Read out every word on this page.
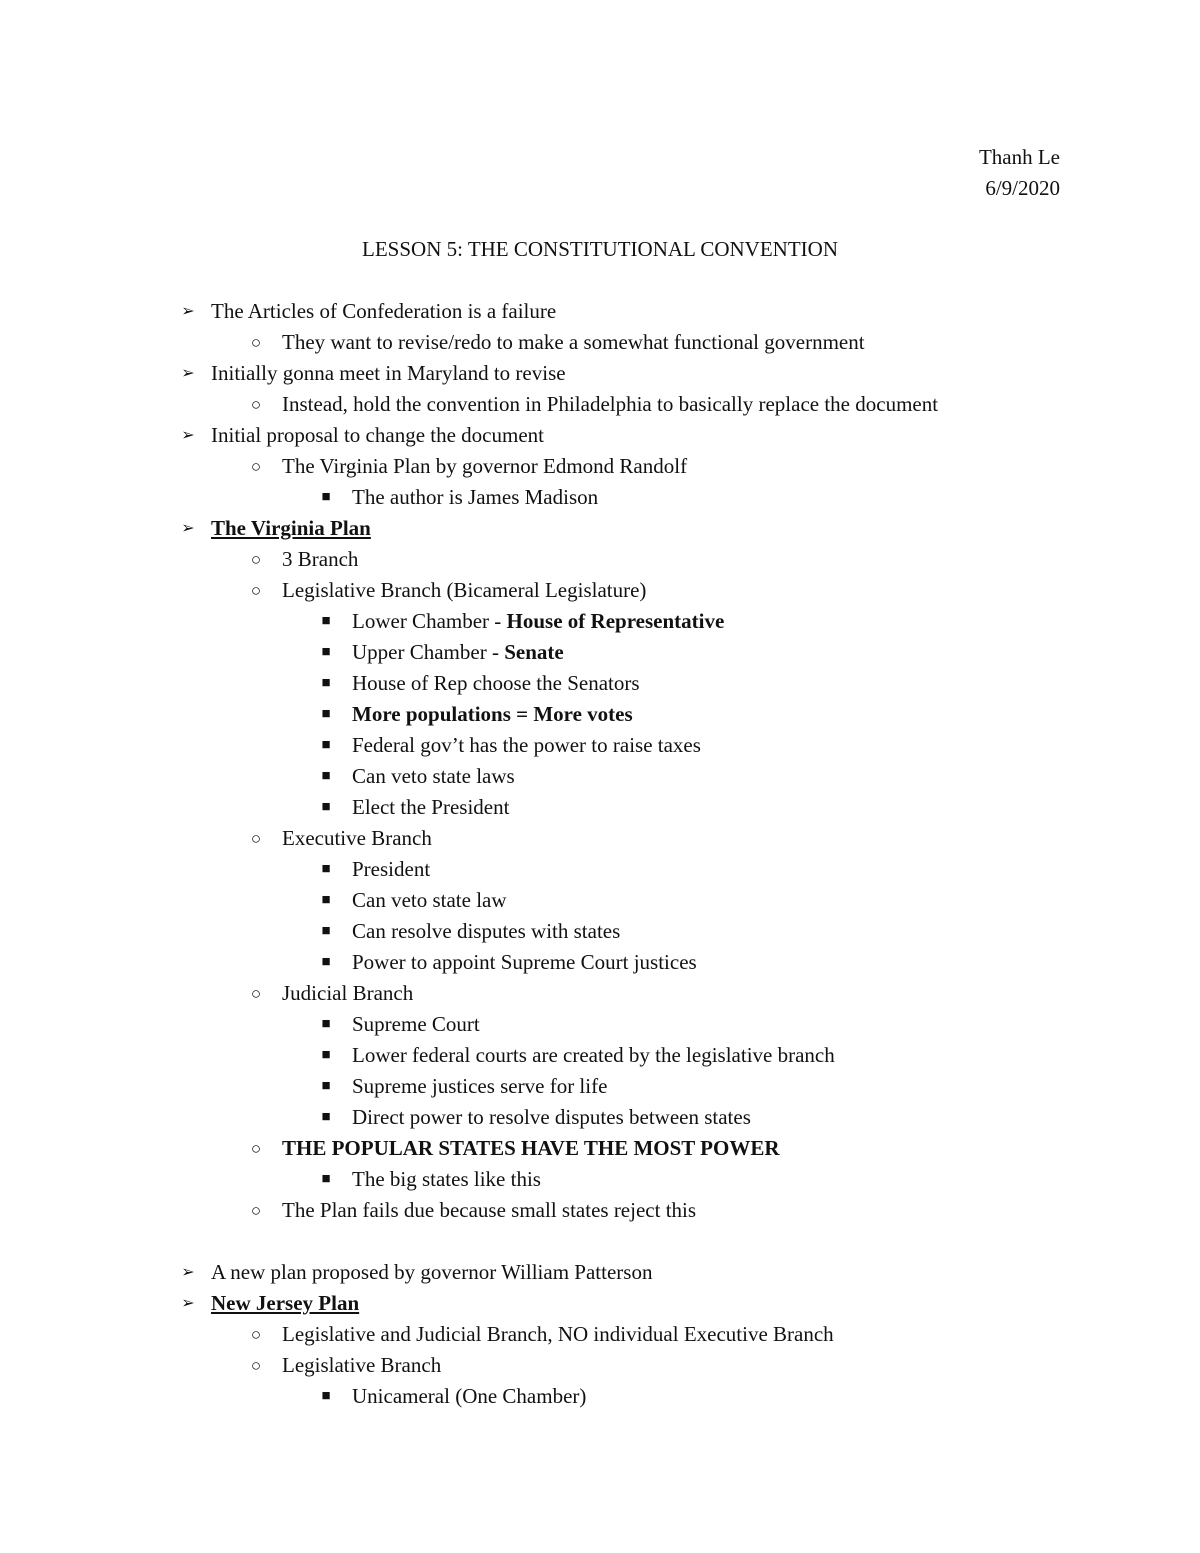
Thanh Le
6/9/2020
LESSON 5: THE CONSTITUTIONAL CONVENTION
➢ The Articles of Confederation is a failure
○ They want to revise/redo to make a somewhat functional government
➢ Initially gonna meet in Maryland to revise
○ Instead, hold the convention in Philadelphia to basically replace the document
➢ Initial proposal to change the document
○ The Virginia Plan by governor Edmond Randolf
■ The author is James Madison
➢ The Virginia Plan
○ 3 Branch
○ Legislative Branch (Bicameral Legislature)
■ Lower Chamber - House of Representative
■ Upper Chamber - Senate
■ House of Rep choose the Senators
■ More populations = More votes
■ Federal gov’t has the power to raise taxes
■ Can veto state laws
■ Elect the President
○ Executive Branch
■ President
■ Can veto state law
■ Can resolve disputes with states
■ Power to appoint Supreme Court justices
○ Judicial Branch
■ Supreme Court
■ Lower federal courts are created by the legislative branch
■ Supreme justices serve for life
■ Direct power to resolve disputes between states
○ THE POPULAR STATES HAVE THE MOST POWER
■ The big states like this
○ The Plan fails due because small states reject this
➢ A new plan proposed by governor William Patterson
➢ New Jersey Plan
○ Legislative and Judicial Branch, NO individual Executive Branch
○ Legislative Branch
■ Unicameral (One Chamber)
